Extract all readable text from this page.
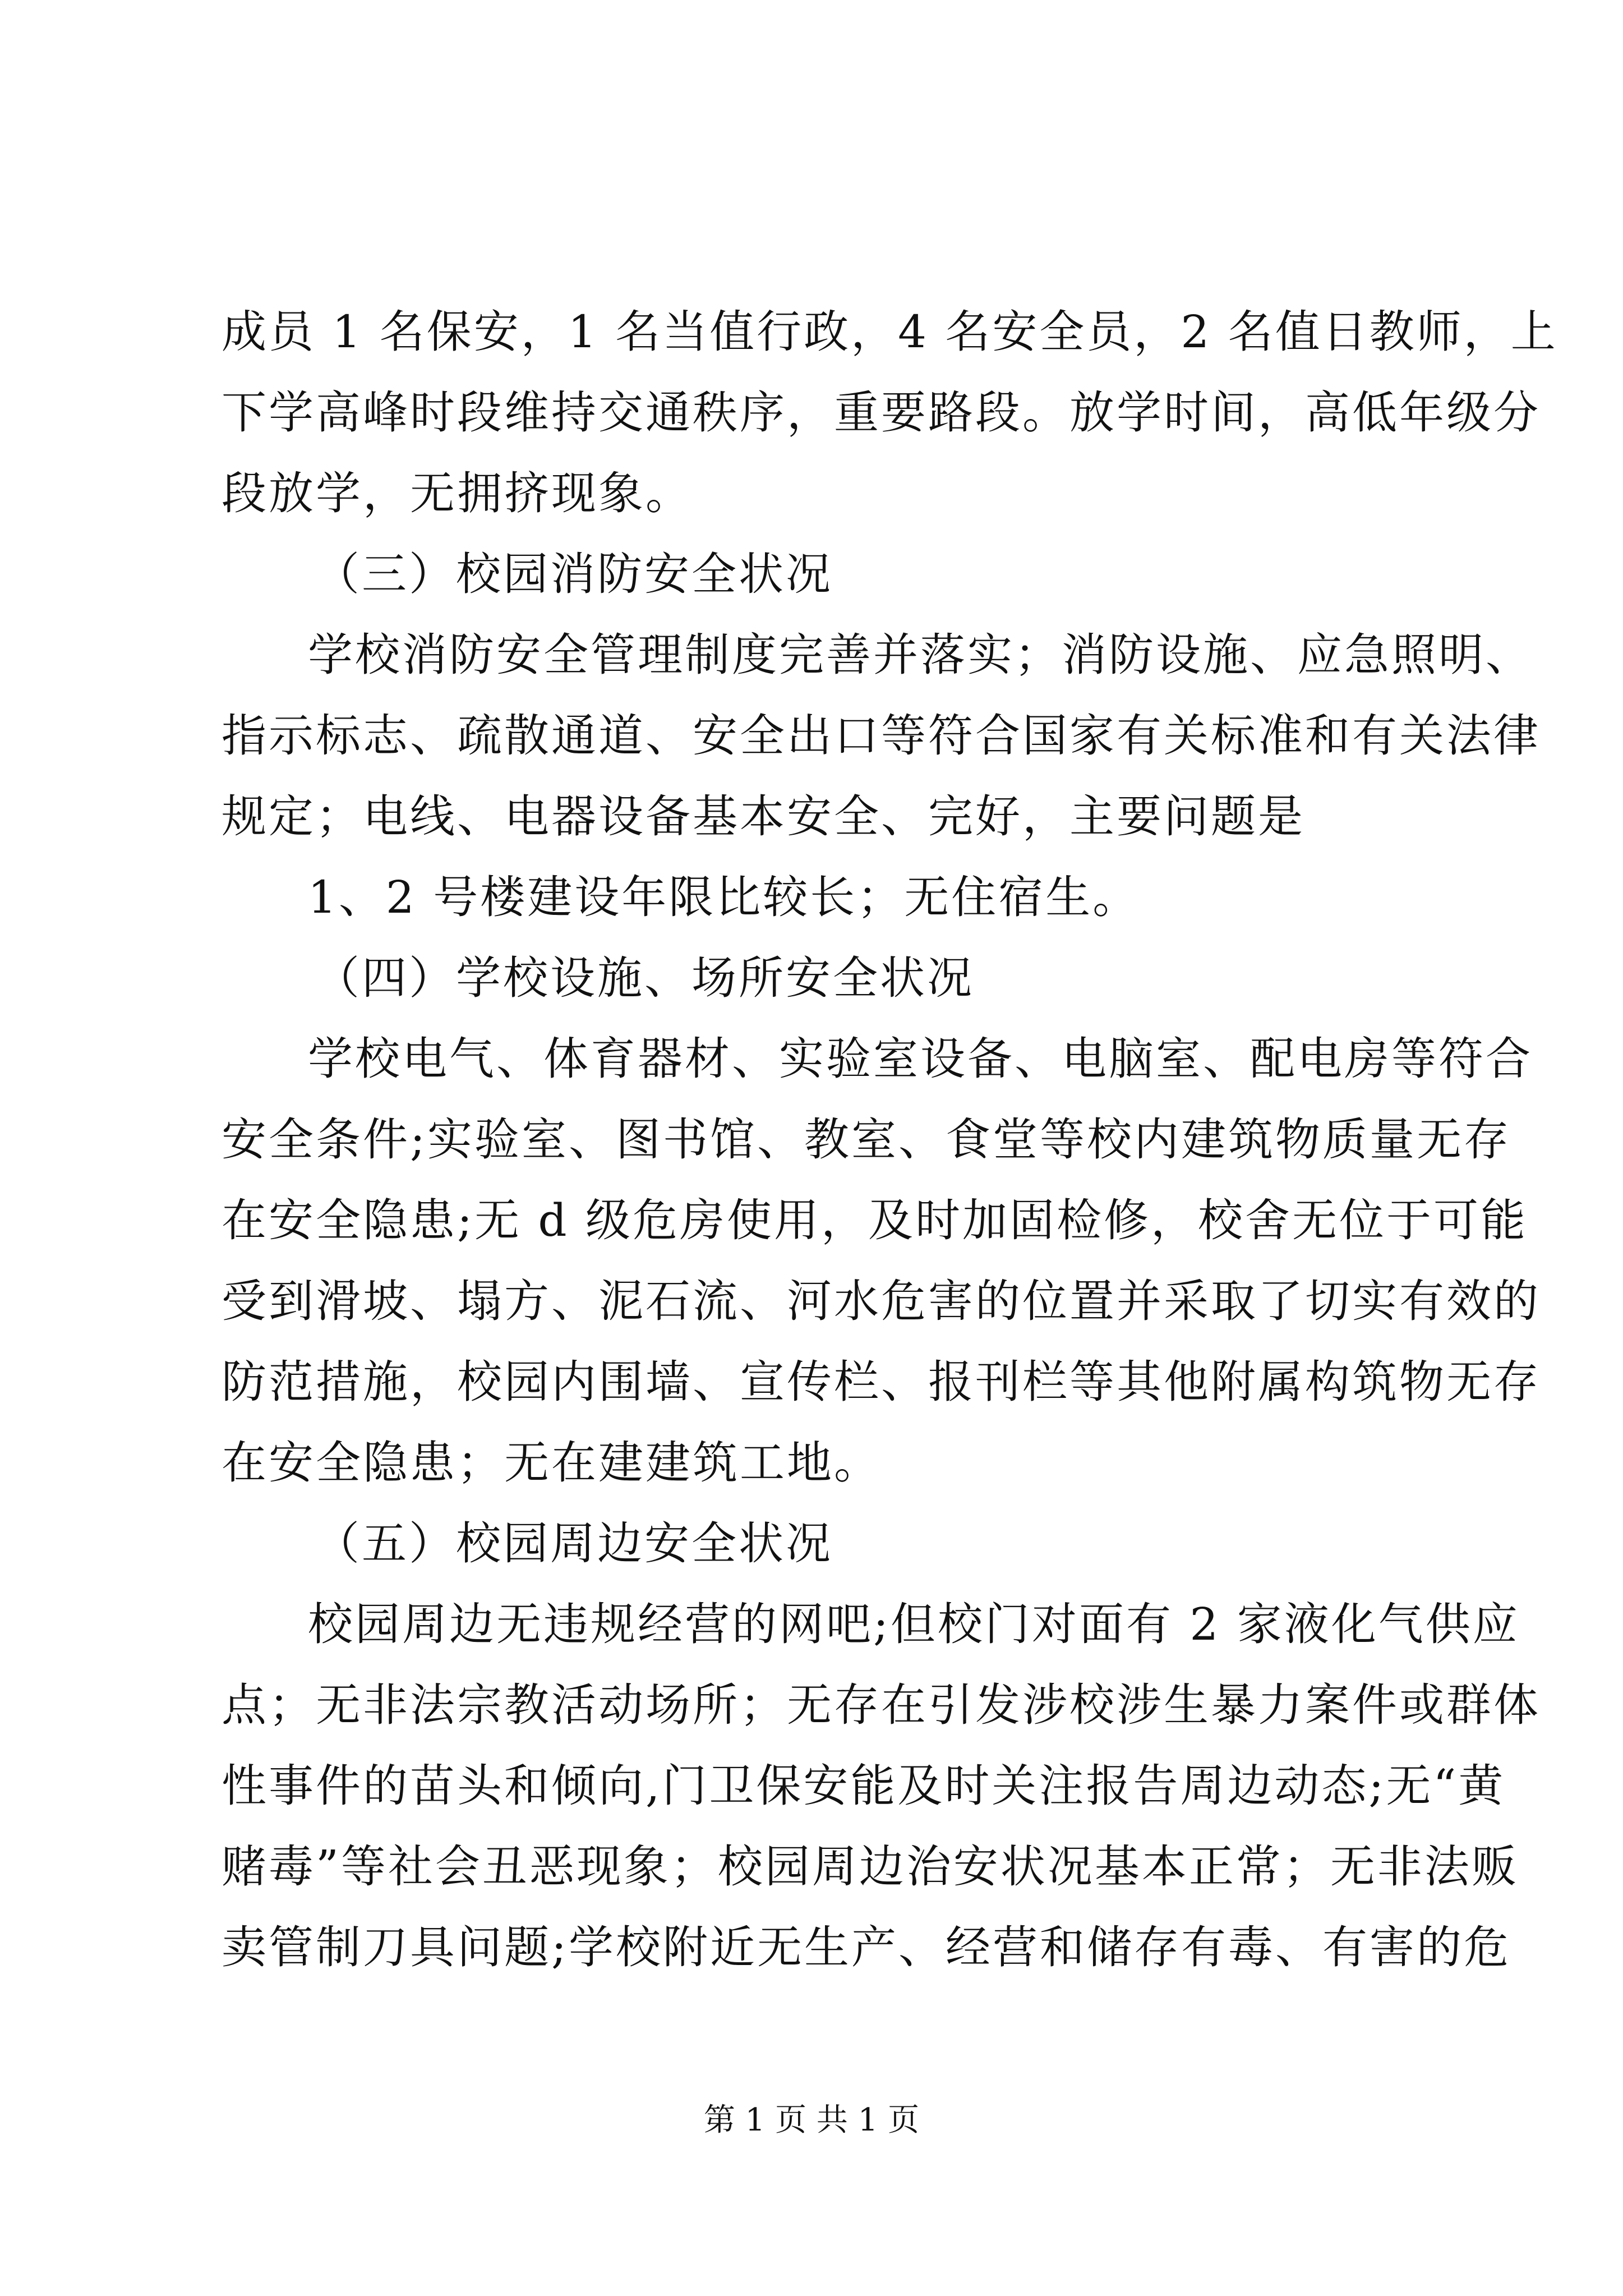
成员 1 名保安，1 名当值行政，4 名安全员，2 名值日教师，上
下学高峰时段维持交通秩序，重要路段。放学时间，高低年级分
段放学，无拥挤现象。
（三）校园消防安全状况
学校消防安全管理制度完善并落实；消防设施、应急照明、
指示标志、疏散通道、安全出口等符合国家有关标准和有关法律
规定；电线、电器设备基本安全、完好，主要问题是
1、2 号楼建设年限比较长；无住宿生。
（四）学校设施、场所安全状况
学校电气、体育器材、实验室设备、电脑室、配电房等符合
安全条件;实验室、图书馆、教室、食堂等校内建筑物质量无存
在安全隐患;无 d 级危房使用，及时加固检修，校舍无位于可能
受到滑坡、塌方、泥石流、河水危害的位置并采取了切实有效的
防范措施，校园内围墙、宣传栏、报刊栏等其他附属构筑物无存
在安全隐患；无在建建筑工地。
（五）校园周边安全状况
校园周边无违规经营的网吧;但校门对面有 2 家液化气供应
点；无非法宗教活动场所；无存在引发涉校涉生暴力案件或群体
性事件的苗头和倾向,门卫保安能及时关注报告周边动态;无“黄
赌毒”等社会丑恶现象；校园周边治安状况基本正常；无非法贩
卖管制刀具问题;学校附近无生产、经营和储存有毒、有害的危
第 1 页 共 1 页
